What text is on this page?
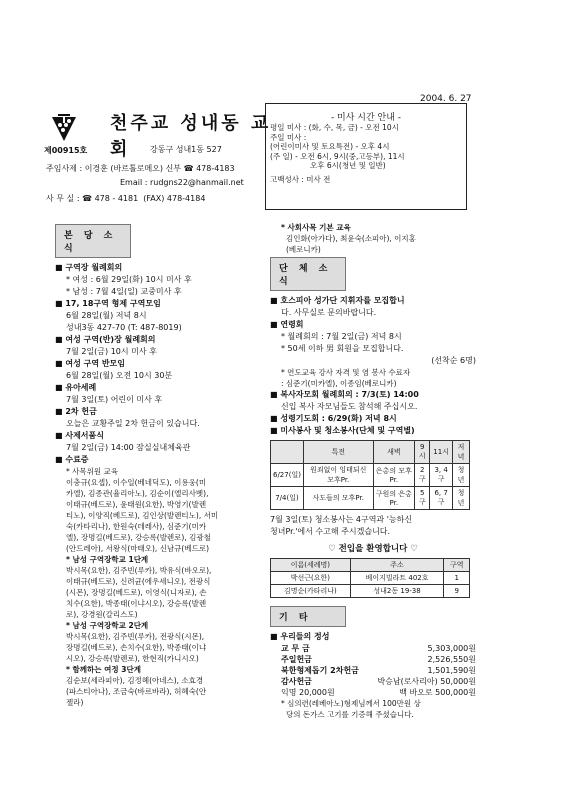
2004. 6. 27
제00915호
천주교 성내동 교회	강동구 성내1동 527
주임사제 : 이경훈 (바르톨로메오) 신부 ☎ 478-4183
Email : rudgns22@hanmail.net
사 무 실 : ☎ 478 - 4181 (FAX) 478-4184
- 미사 시간 안내 -
평일 미사 : (화, 수, 목, 금) - 오전 10시
주일 미사 :
(어린이미사 및 토요특전) - 오후 4시
(주 일) - 오전 6시, 9시(중,고등부), 11시
오후 6시(청년 및 일반)
고백성사 : 미사 전
본 당 소 식
■ 구역장 월례회의
* 여성 : 6월 29일(화) 10시 미사 후
* 남성 : 7월 4일(일) 교중미사 후
■ 17, 18구역 형제 구역모임
6월 28일(월) 저녁 8시
성내3동 427-70 (T: 487-8019)
■ 여성 구역(반)장 월례회의
7월 2일(금) 10시 미사 후
■ 여성 구역 반모임
6월 28일(월) 오전 10시 30분
■ 유아세례
7월 3일(토) 어린이 미사 후
■ 2차 헌금
오늘은 교황주일 2차 헌금이 있습니다.
■ 사제서품식
7월 2일(금) 14:00 잠실실내체육관
■ 수료증
* 사목위원 교육
이충규(요셉), 이수일(베네딕도), 이용웅(미
카엘), 김종관(율리아노), 김순이(엘리사벳),
이태규(베드로), 윤태원(요한), 박영기(발렌
티노), 이양직(베드로), 김인상(발렌티노), 서미
숙(카타리나), 한원숙(데레사), 심준기(미카
엘), 장명길(베드로), 강승록(발렌로), 김광철
(안드레아), 서왕식(마태오), 신남규(베드로)
* 남성 구역장학교 1단계
박시목(요한), 김주빈(루카), 박유식(바오로),
이태규(베드로), 신려균(에우세니오), 전광식
(시몬), 장명길(베드로), 이영식(니자로), 손
치수(요한), 박종태(이냐시오), 강승록(발렌
로), 강경원(갈리스도)
* 남성 구역장학교 2단계
박시목(요한), 김주빈(루카), 전광식(시몬),
장명길(베드로), 손치수(요한), 박종태(이냐
시오), 강승록(발렌로), 한현직(카니시오)
* 함께하는 여정 3단계
김순보(세라피아), 김정혜(아네스), 소효경
(파스티아나), 조금숙(바르바라), 허혜숙(안
젤라)
* 사회사목 기본 교육
김인화(아가다), 최윤숙(소피아), 이지홍
(베로니카)
단 체 소 식
■ 호스피아 성가단 지휘자를 모집합니
다. 사무실로 문의바랍니다.
■ 연령회
* 월례회의 : 7월 2일(금) 저녁 8시
* 50세 이하 男 회원을 모집합니다.
(선착순 6명)
* 연도교육 강사 자격 및 염 봉사 수료자
: 심준기(미카엘), 이종임(베로니카)
■ 복사자모회 월례회의 : 7/3(토) 14:00
신입 복사 자모님들도 참석해 주십시오.
■ 성령기도회 : 6/29(화) 저녁 8시
■ 미사봉사 및 청소봉사(단체 및 구역별)
	특전	새벽	9시	11시	저녁
6/27(일)	원죄없이 잉태되신 모후Pr.	은총의 모후Pr.	2구	3, 4구	청년
7/4(일)	사도들의 모후Pr.	구원의 은총Pr.	5구	6, 7구	청년
7월 3일(토) 청소봉사는 4구역과 '능하신
청녀Pr.'에서 수고해 주시겠습니다.
♡ 전입을 환영합니다 ♡
이름(세례명)	주소	구역
박선근(요한)	베이지빌라트 402호	1
김명순(카타리나)	성내2동 19-38	9
기 타
■ 우리들의 정성
교 무 금	5,303,000원
주일헌금	2,526,550원
북한형제돕기 2차헌금	1,501,590원
감사헌금	박승남(로사리아) 50,000원
익명 20,000원	백 바오로 500,000원
* 심의련(레베아노)형제님께서 100만원 상
당의 돈가스 고기를 기증해 주셨습니다.
